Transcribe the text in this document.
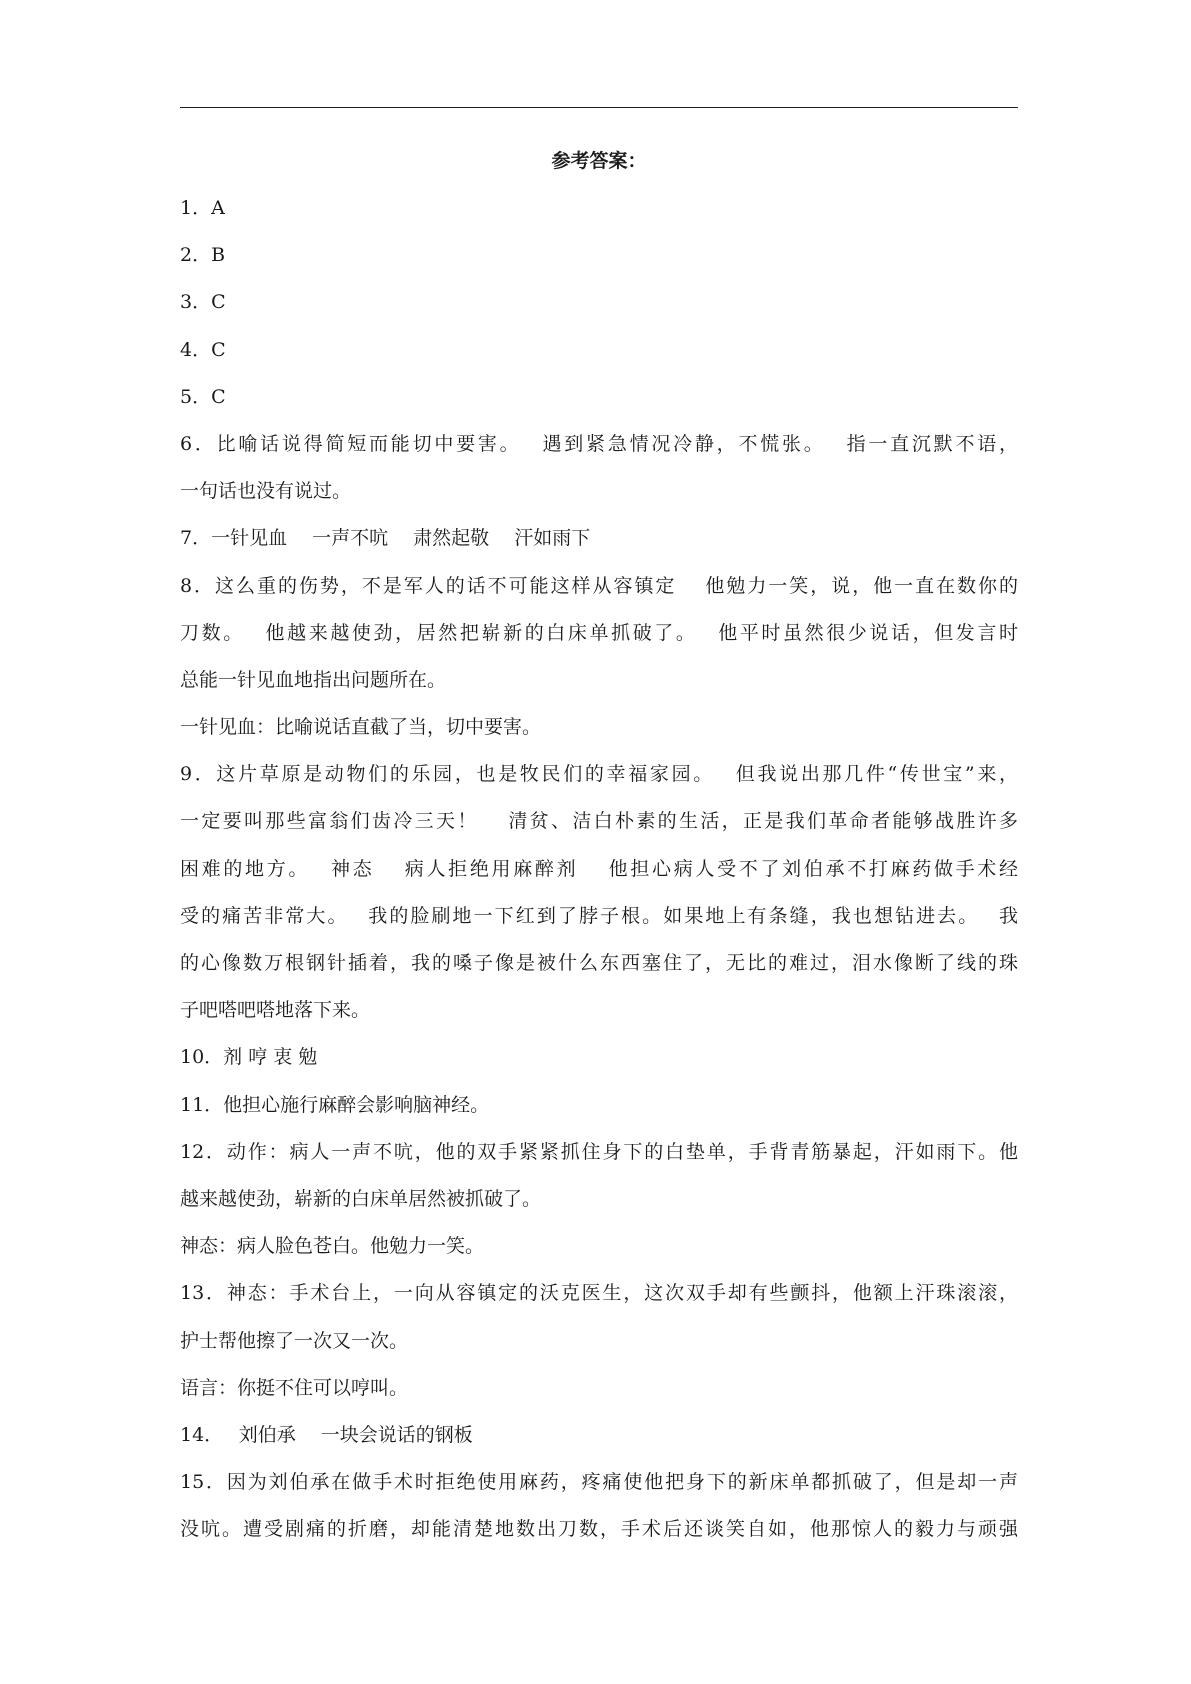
参考答案：
1．A
2．B
3．C
4．C
5．C
6．比喻话说得简短而能切中要害。　 遇到紧急情况冷静，不慌张。　 指一直沉默不语，
一句话也没有说过。
7．一针见血　 一声不吭　 肃然起敬　 汗如雨下
8．这么重的伤势，不是军人的话不可能这样从容镇定　 他勉力一笑，说，他一直在数你的
刀数。　 他越来越使劲，居然把崭新的白床单抓破了。　 他平时虽然很少说话，但发言时
总能一针见血地指出问题所在。
一针见血：比喻说话直截了当，切中要害。
9．这片草原是动物们的乐园，也是牧民们的幸福家园。　 但我说出那几件“传世宝”来，
一定要叫那些富翁们齿冷三天！　 清贫、洁白朴素的生活，正是我们革命者能够战胜许多
困难的地方。　 神态　 病人拒绝用麻醉剂　 他担心病人受不了刘伯承不打麻药做手术经
受的痛苦非常大。　 我的脸刷地一下红到了脖子根。如果地上有条缝，我也想钻进去。　 我
的心像数万根钢针插着，我的嗓子像是被什么东西塞住了，无比的难过，泪水像断了线的珠
子吧嗒吧嗒地落下来。
10．剂 哼 衷 勉
11．他担心施行麻醉会影响脑神经。
12．动作：病人一声不吭，他的双手紧紧抓住身下的白垫单，手背青筋暴起，汗如雨下。他
越来越使劲，崭新的白床单居然被抓破了。
神态：病人脸色苍白。他勉力一笑。
13．神态：手术台上，一向从容镇定的沃克医生，这次双手却有些颤抖，他额上汗珠滚滚，
护士帮他擦了一次又一次。
语言：你挺不住可以哼叫。
14．　 刘伯承　 一块会说话的钢板
15．因为刘伯承在做手术时拒绝使用麻药，疼痛使他把身下的新床单都抓破了，但是却一声
没吭。遭受剧痛的折磨，却能清楚地数出刀数，手术后还谈笑自如，他那惊人的毅力与顽强
